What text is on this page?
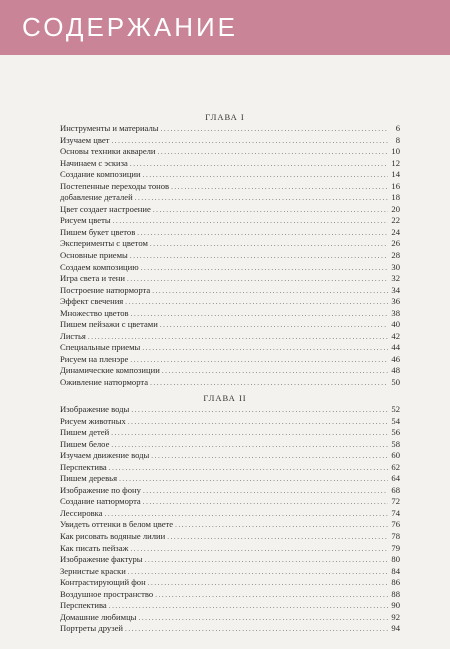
СОДЕРЖАНИЕ
ГЛАВА I
Инструменты и материалы .....	6
Изучаем цвет .....	8
Основы техники акварели .....	10
Начинаем с эскиза .....	12
Создание композиции .....	14
Постепенные переходы тонов .....	16
добавление деталей .....	18
Цвет создает настроение .....	20
Рисуем цветы .....	22
Пишем букет цветов .....	24
Эксперименты с цветом .....	26
Основные приемы .....	28
Создаем композицию .....	30
Игра света и тени .....	32
Построение натюрморта .....	34
Эффект свечения .....	36
Множество цветов .....	38
Пишем пейзажи с цветами .....	40
Листья .....	42
Специальные приемы .....	44
Рисуем на пленэре .....	46
Динамические композиции .....	48
Оживление натюрморта .....	50
ГЛАВА II
Изображение воды .....	52
Рисуем животных .....	54
Пишем детей .....	56
Пишем белое .....	58
Изучаем движение воды .....	60
Перспектива .....	62
Пишем деревья .....	64
Изображение по фону .....	68
Создание натюрморта .....	72
Лессировка .....	74
Увидеть оттенки в белом цвете .....	76
Как рисовать водяные лилии .....	78
Как писать пейзаж .....	79
Изображение фактуры .....	80
Зернистые краски .....	84
Контрастирующий фон .....	86
Воздушное пространство .....	88
Перспектива .....	90
Домашние любимцы .....	92
Портреты друзей .....	94
